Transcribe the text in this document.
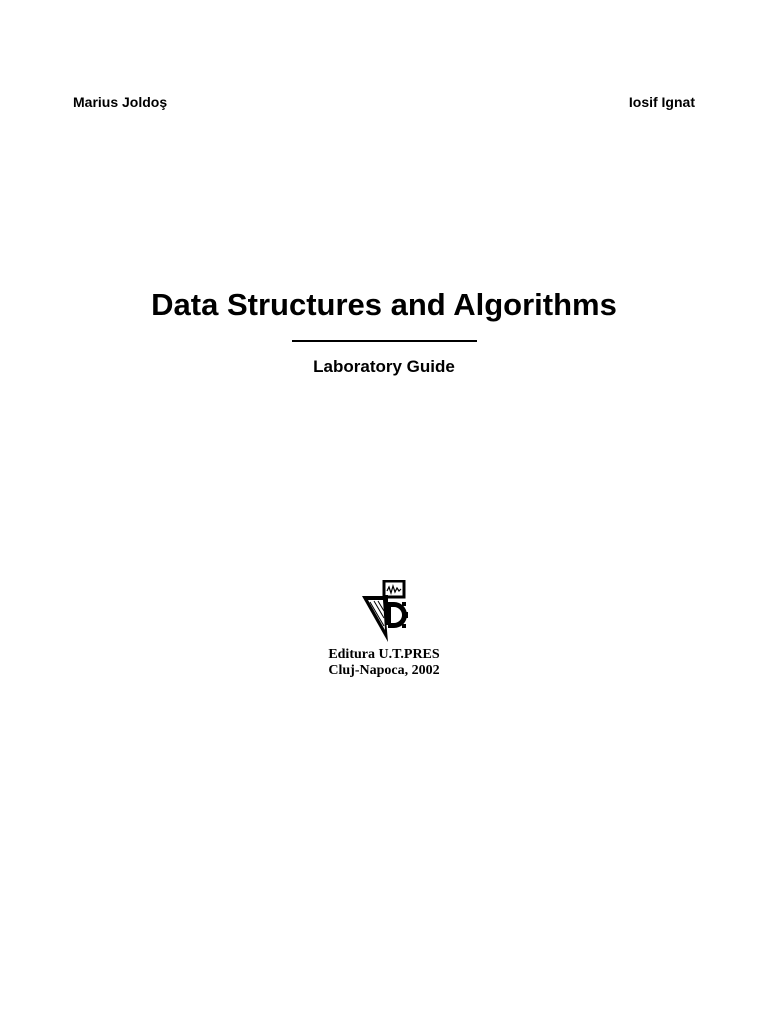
Marius Joldoş	Iosif Ignat
Data Structures and Algorithms
Laboratory Guide
Editura U.T.PRES
Cluj-Napoca, 2002
